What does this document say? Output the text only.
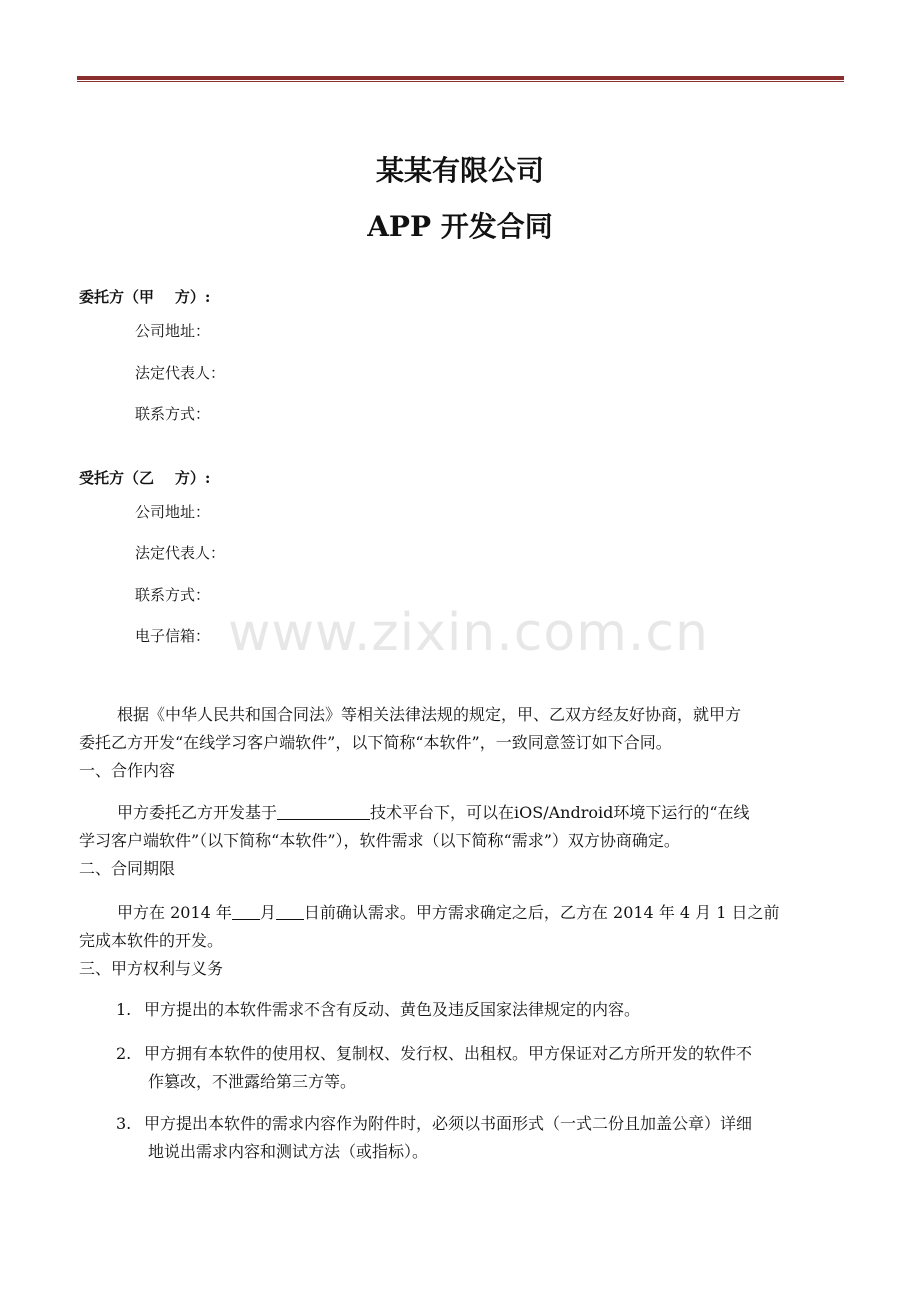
某某有限公司
APP 开发合同
委托方（甲    方）:
公司地址：
法定代表人：
联系方式：
受托方（乙    方）:
公司地址：
法定代表人：
联系方式：
电子信箱： www.zixin.com.cn
根据《中华人民共和国合同法》等相关法律法规的规定，甲、乙双方经友好协商，就甲方
委托乙方开发“在线学习客户端软件”，以下简称“本软件”，一致同意签订如下合同。
一、合作内容
甲方委托乙方开发基于	技术平台下，可以在iOS/Android环境下运行的“在线
学习客户端软件”（以下简称“本软件”），软件需求（以下简称“需求”）双方协商确定。
二、合同期限
甲方在 2014 年 月 日前确认需求。甲方需求确定之后，乙方在 2014 年 4 月 1 日之前
完成本软件的开发。
三、甲方权利与义务
1. 甲方提出的本软件需求不含有反动、黄色及违反国家法律规定的内容。
2. 甲方拥有本软件的使用权、复制权、发行权、出租权。甲方保证对乙方所开发的软件不
作篡改，不泄露给第三方等。
3. 甲方提出本软件的需求内容作为附件时，必须以书面形式（一式二份且加盖公章）详细
地说出需求内容和测试方法（或指标）。
